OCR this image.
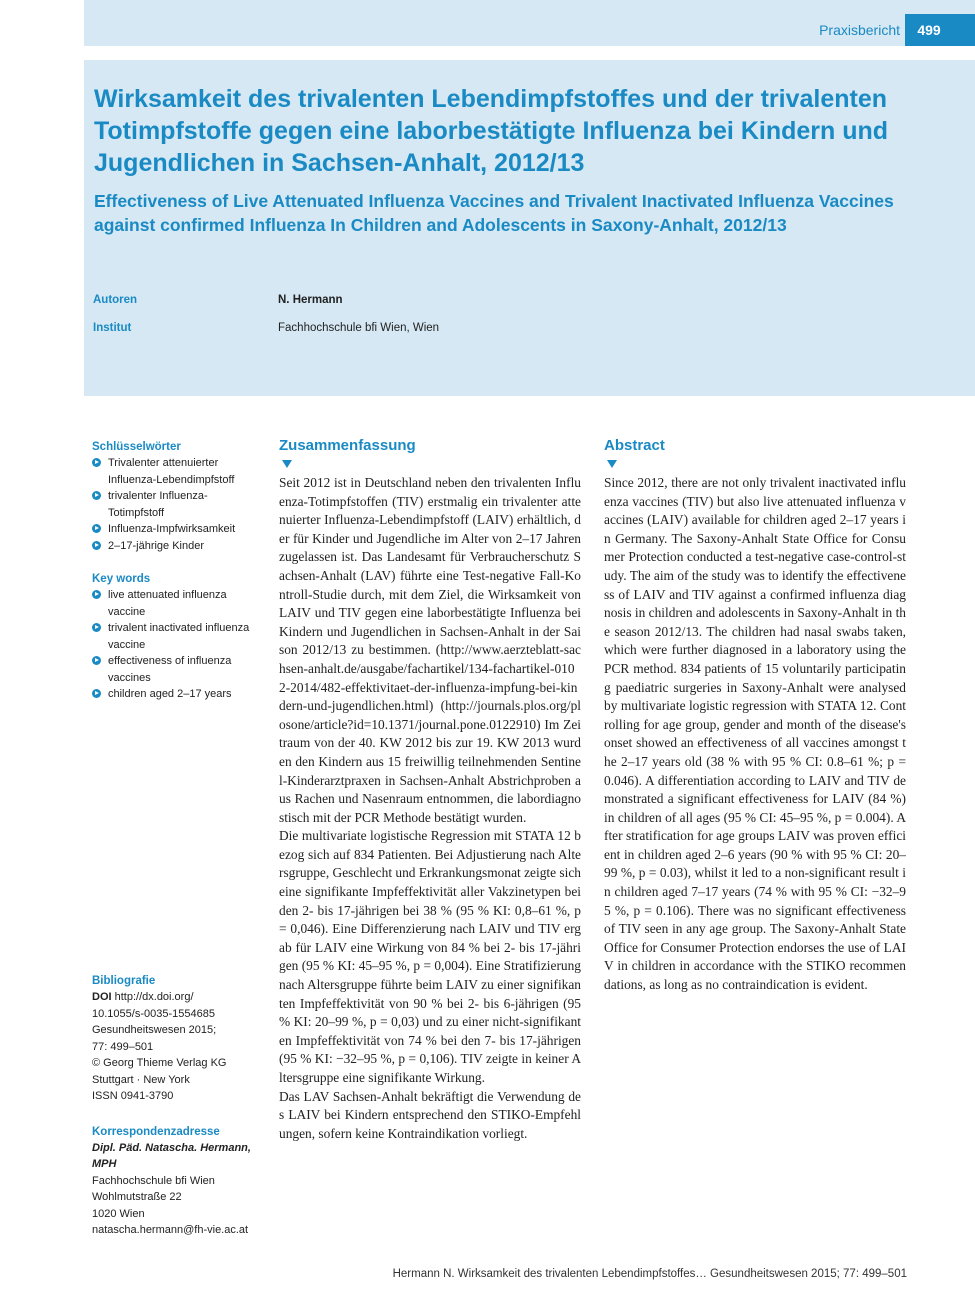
Praxisbericht	499
Wirksamkeit des trivalenten Lebendimpfstoffes und der trivalenten Totimpfstoffe gegen eine laborbestätigte Influenza bei Kindern und Jugendlichen in Sachsen-Anhalt, 2012/13
Effectiveness of Live Attenuated Influenza Vaccines and Trivalent Inactivated Influenza Vaccines against confirmed Influenza In Children and Adolescents in Saxony-Anhalt, 2012/13
Autoren	N. Hermann
Institut	Fachhochschule bfi Wien, Wien
Schlüsselwörter
Trivalenter attenuierter Influenza-Lebendimpfstoff
trivalenter Influenza-Totimpfstoff
Influenza-Impfwirksamkeit
2–17-jährige Kinder
Key words
live attenuated influenza vaccine
trivalent inactivated influenza vaccine
effectiveness of influenza vaccines
children aged 2–17 years
Bibliografie
DOI http://dx.doi.org/
10.1055/s-0035-1554685
Gesundheitswesen 2015;
77: 499–501
© Georg Thieme Verlag KG
Stuttgart · New York
ISSN 0941-3790
Korrespondenzadresse
Dipl. Päd. Natascha. Hermann, MPH
Fachhochschule bfi Wien
Wohlmutstraße 22
1020 Wien
natascha.hermann@fh-vie.ac.at
Zusammenfassung

Seit 2012 ist in Deutschland neben den trivalenten Influenza-Totimpfstoffen (TIV) erstmalig ein trivalenter attenuierter Influenza-Lebendimpfstoff (LAIV) erhältlich, der für Kinder und Jugendliche im Alter von 2–17 Jahren zugelassen ist. Das Landesamt für Verbraucherschutz Sachsen-Anhalt (LAV) führte eine Test-negative Fall-Kontroll-Studie durch, mit dem Ziel, die Wirksamkeit von LAIV und TIV gegen eine laborbestätigte Influenza bei Kindern und Jugendlichen in Sachsen-Anhalt in der Saison 2012/13 zu bestimmen. (http://www.aerzteblatt-sachsen-anhalt.de/ausgabe/fachartikel/134-fachartikel-0102-2014/482-effektivitaet-der-influenza-impfung-bei-kindern-und-jugendlichen.html) (http://journals.plos.org/plosone/article?id=10.1371/journal.pone.0122910) Im Zeitraum von der 40. KW 2012 bis zur 19. KW 2013 wurden den Kindern aus 15 freiwillig teilnehmenden Sentinel-Kinderarztpraxen in Sachsen-Anhalt Abstrichproben aus Rachen und Nasenraum entnommen, die labordiagnostisch mit der PCR Methode bestätigt wurden.

Die multivariate logistische Regression mit STATA 12 bezog sich auf 834 Patienten. Bei Adjustierung nach Altersgruppe, Geschlecht und Erkrankungsmonat zeigte sich eine signifikante Impfeffektivität aller Vakzinetypen bei den 2- bis 17-jährigen bei 38 % (95 % KI: 0,8–61 %, p = 0,046). Eine Differenzierung nach LAIV und TIV ergab für LAIV eine Wirkung von 84 % bei 2- bis 17-jährigen (95 % KI: 45–95 %, p = 0,004). Eine Stratifizierung nach Altersgruppe führte beim LAIV zu einer signifikanten Impfeffektivität von 90 % bei 2- bis 6-jährigen (95 % KI: 20–99 %, p = 0,03) und zu einer nicht-signifikanten Impfeffektivität von 74 % bei den 7- bis 17-jährigen (95 % KI: −32–95 %, p = 0,106). TIV zeigte in keiner Altersgruppe eine signifikante Wirkung.

Das LAV Sachsen-Anhalt bekräftigt die Verwendung des LAIV bei Kindern entsprechend den STIKO-Empfehlungen, sofern keine Kontraindikation vorliegt.

Abstract

Since 2012, there are not only trivalent inactivated influenza vaccines (TIV) but also live attenuated influenza vaccines (LAIV) available for children aged 2–17 years in Germany. The Saxony-Anhalt State Office for Consumer Protection conducted a test-negative case-control-study. The aim of the study was to identify the effectiveness of LAIV and TIV against a confirmed influenza diagnosis in children and adolescents in Saxony-Anhalt in the season 2012/13. The children had nasal swabs taken, which were further diagnosed in a laboratory using the PCR method. 834 patients of 15 voluntarily participating paediatric surgeries in Saxony-Anhalt were analysed by multivariate logistic regression with STATA 12. Controlling for age group, gender and month of the disease's onset showed an effectiveness of all vaccines amongst the 2–17 years old (38 % with 95 % CI: 0.8–61 %; p = 0.046). A differentiation according to LAIV and TIV demonstrated a significant effectiveness for LAIV (84 %) in children of all ages (95 % CI: 45–95 %, p = 0.004). After stratification for age groups LAIV was proven efficient in children aged 2–6 years (90 % with 95 % CI: 20–99 %, p = 0.03), whilst it led to a non-significant result in children aged 7–17 years (74 % with 95 % CI: −32–95 %, p = 0.106). There was no significant effectiveness of TIV seen in any age group. The Saxony-Anhalt State Office for Consumer Protection endorses the use of LAIV in children in accordance with the STIKO recommendations, as long as no contraindication is evident.

Hermann N. Wirksamkeit des trivalenten Lebendimpfstoffes… Gesundheitswesen 2015; 77: 499–501
